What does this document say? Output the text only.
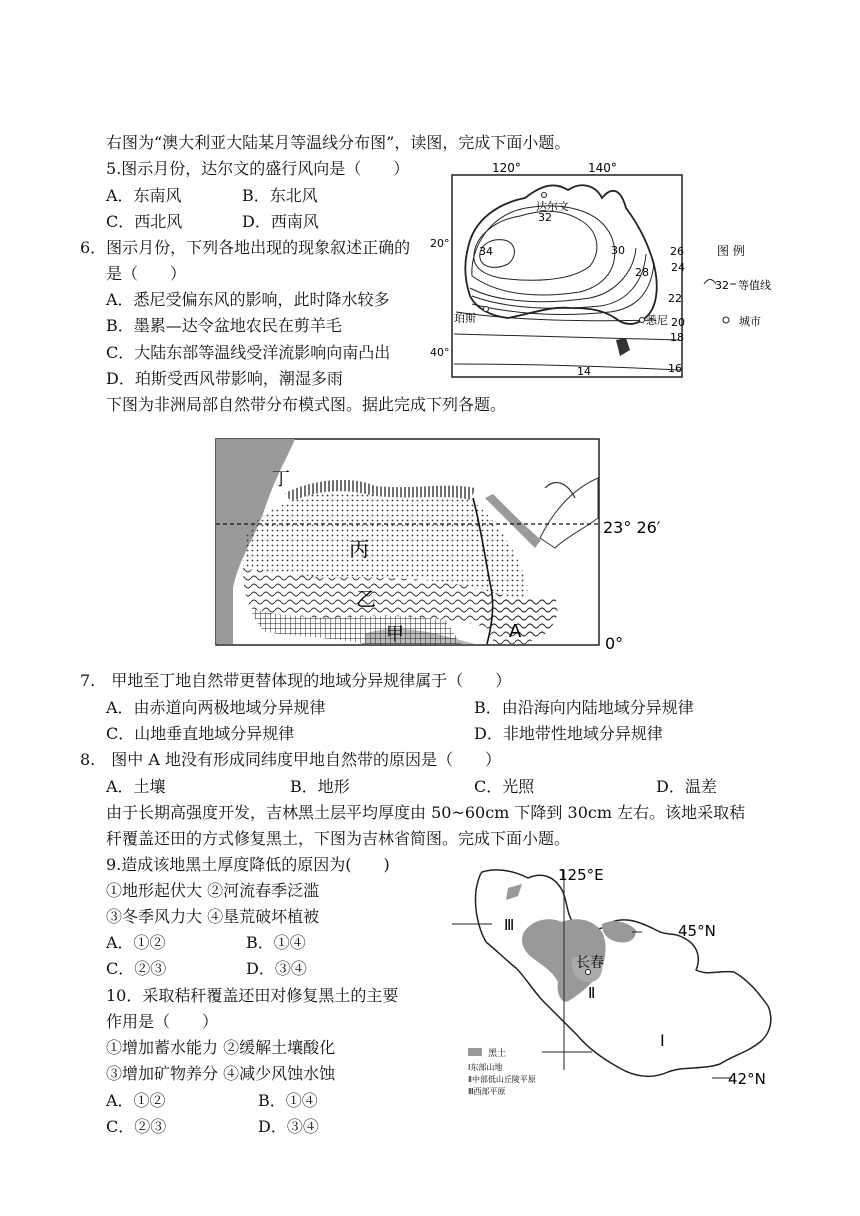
右图为“澳大利亚大陆某月等温线分布图”，读图，完成下面小题。
5.图示月份，达尔文的盛行风向是（　　）
A．东南风	B．东北风
C．西北风	D．西南风
6．图示月份，下列各地出现的现象叙述正确的
是（　　）
A．悉尼受偏东风的影响，此时降水较多
B．墨累—达令盆地农民在剪羊毛
C．大陆东部等温线受洋流影响向南凸出
D．珀斯受西风带影响，潮湿多雨
120°	140°
20°
40°
34
32
30
28
26
24
22
20
18
16
14
达尔文
珀斯	悉尼
图 例
32 等值线
城市
下图为非洲局部自然带分布模式图。据此完成下列各题。
丁
丙
乙
甲	A
23° 26′
0°
7.　甲地至丁地自然带更替体现的地域分异规律属于（　　）
A．由赤道向两极地域分异规律	B．由沿海向内陆地域分异规律
C．山地垂直地域分异规律	D．非地带性地域分异规律
8.　图中 A 地没有形成同纬度甲地自然带的原因是（　　）
A．土壤	B．地形	C．光照	D．温差
由于长期高强度开发，吉林黑土层平均厚度由 50~60cm 下降到 30cm 左右。该地采取秸
秆覆盖还田的方式修复黑土，下图为吉林省简图。完成下面小题。
9.造成该地黑土厚度降低的原因为(　　)
①地形起伏大 ②河流春季泛滥
③冬季风力大 ④垦荒破坏植被
A．①②	B．①④
C．②③	D．③④
10．采取秸秆覆盖还田对修复黑土的主要
作用是（　　）
①增加蓄水能力 ②缓解土壤酸化
③增加矿物养分 ④减少风蚀水蚀
A．①②	B．①④
C．②③	D．③④
125°E
45°N
42°N
Ⅲ
Ⅱ
Ⅰ
长春
黑土
Ⅰ东部山地
Ⅱ中部低山丘陵平原
Ⅲ西部平原
